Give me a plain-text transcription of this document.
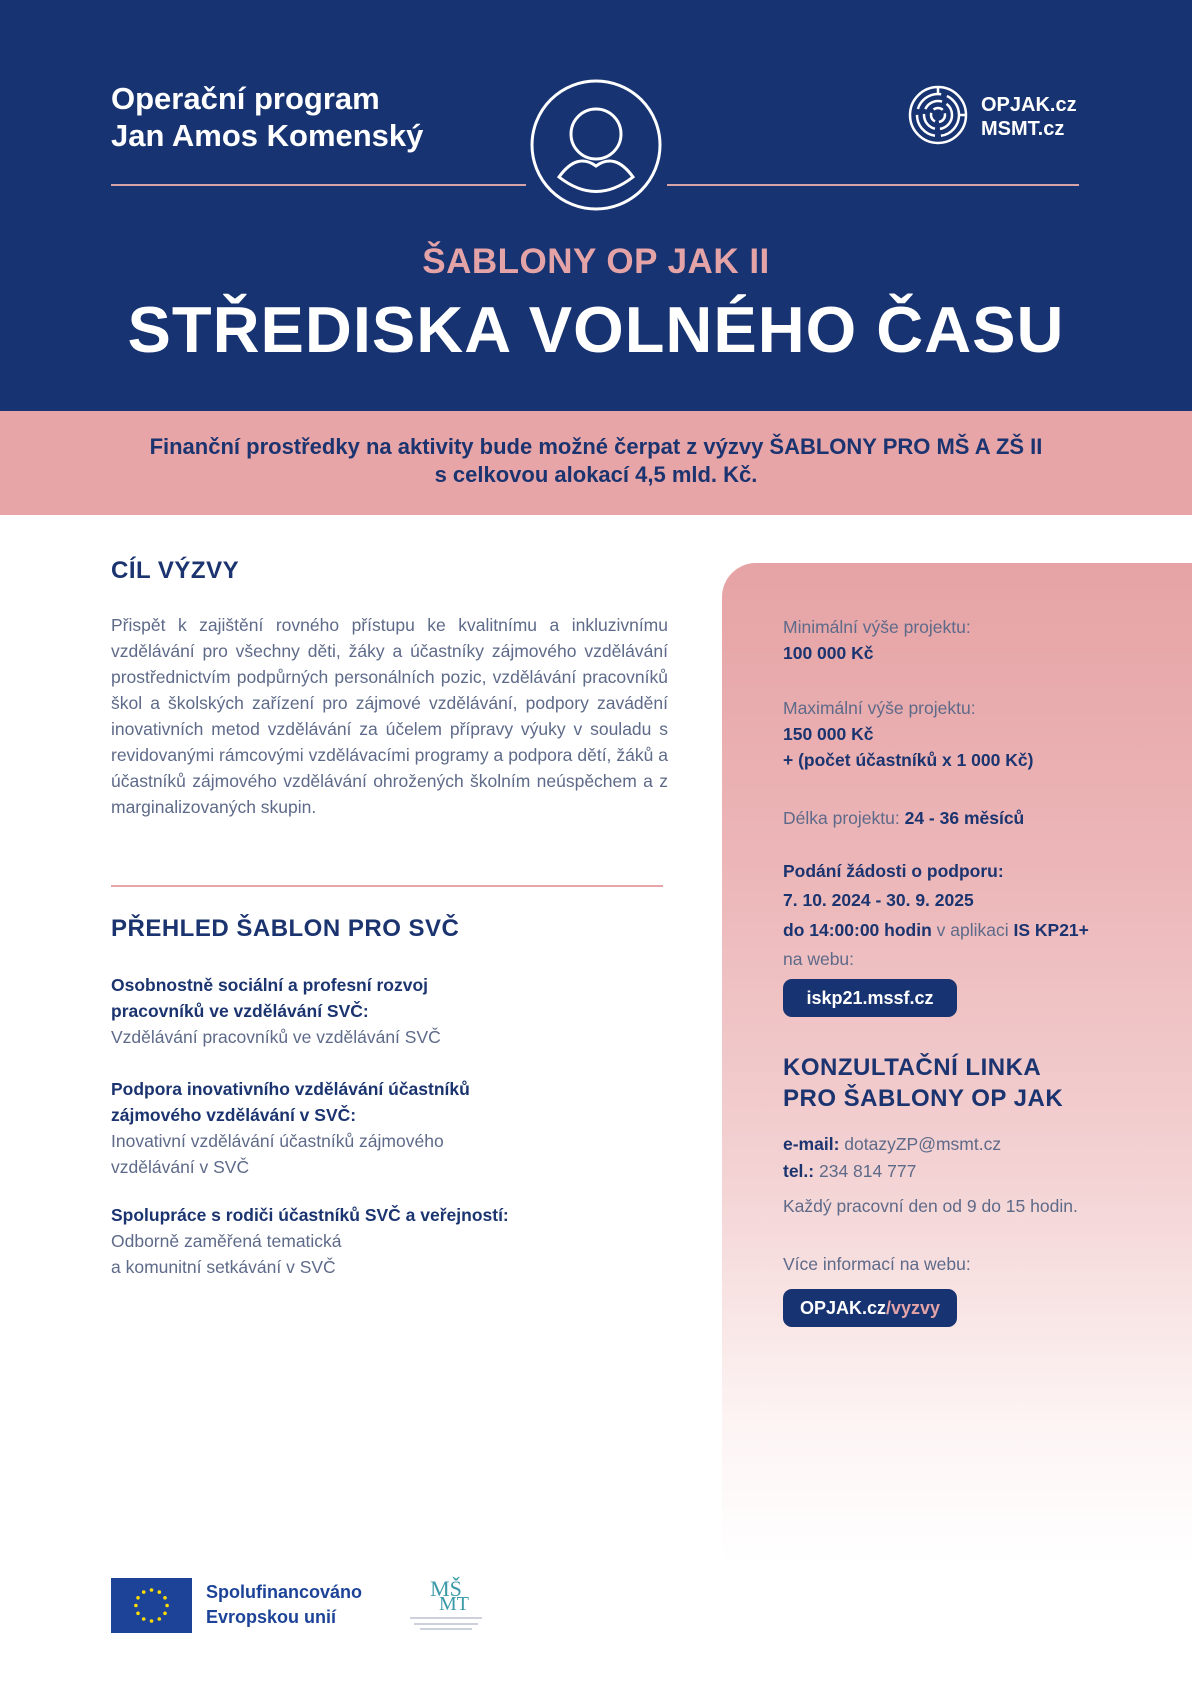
Operační program
Jan Amos Komenský
OPJAK.cz
MSMT.cz
ŠABLONY OP JAK II
STŘEDISKA VOLNÉHO ČASU
Finanční prostředky na aktivity bude možné čerpat z výzvy ŠABLONY PRO MŠ A ZŠ II
s celkovou alokací 4,5 mld. Kč.
CÍL VÝZVY
Přispět k zajištění rovného přístupu ke kvalitnímu a inkluzivnímu vzdělávání pro všechny děti, žáky a účastníky zájmového vzdělávání prostřednictvím podpůrných personálních pozic, vzdělávání pracovníků škol a školských zařízení pro zájmové vzdělávání, podpory zavádění inovativních metod vzdělávání za účelem přípravy výuky v souladu s revidovanými rámcovými vzdělávacími programy a podpora dětí, žáků a účastníků zájmového vzdělávání ohrožených školním neúspěchem a z marginalizovaných skupin.
PŘEHLED ŠABLON PRO SVČ
Osobnostně sociální a profesní rozvoj
pracovníků ve vzdělávání SVČ:
Vzdělávání pracovníků ve vzdělávání SVČ
Podpora inovativního vzdělávání účastníků
zájmového vzdělávání v SVČ:
Inovativní vzdělávání účastníků zájmového
vzdělávání v SVČ
Spolupráce s rodiči účastníků SVČ a veřejností:
Odborně zaměřená tematická
a komunitní setkávání v SVČ
Minimální výše projektu:
100 000 Kč
Maximální výše projektu:
150 000 Kč
+ (počet účastníků x 1 000 Kč)
Délka projektu: 24 - 36 měsíců
Podání žádosti o podporu:
7. 10. 2024 - 30. 9. 2025
do 14:00:00 hodin v aplikaci IS KP21+
na webu:
iskp21.mssf.cz
KONZULTAČNÍ LINKA
PRO ŠABLONY OP JAK
e-mail: dotazyZP@msmt.cz
tel.: 234 814 777
Každý pracovní den od 9 do 15 hodin.
Více informací na webu:
OPJAK.cz/vyzvy
Spolufinancováno
Evropskou unií
MŠ
MT
